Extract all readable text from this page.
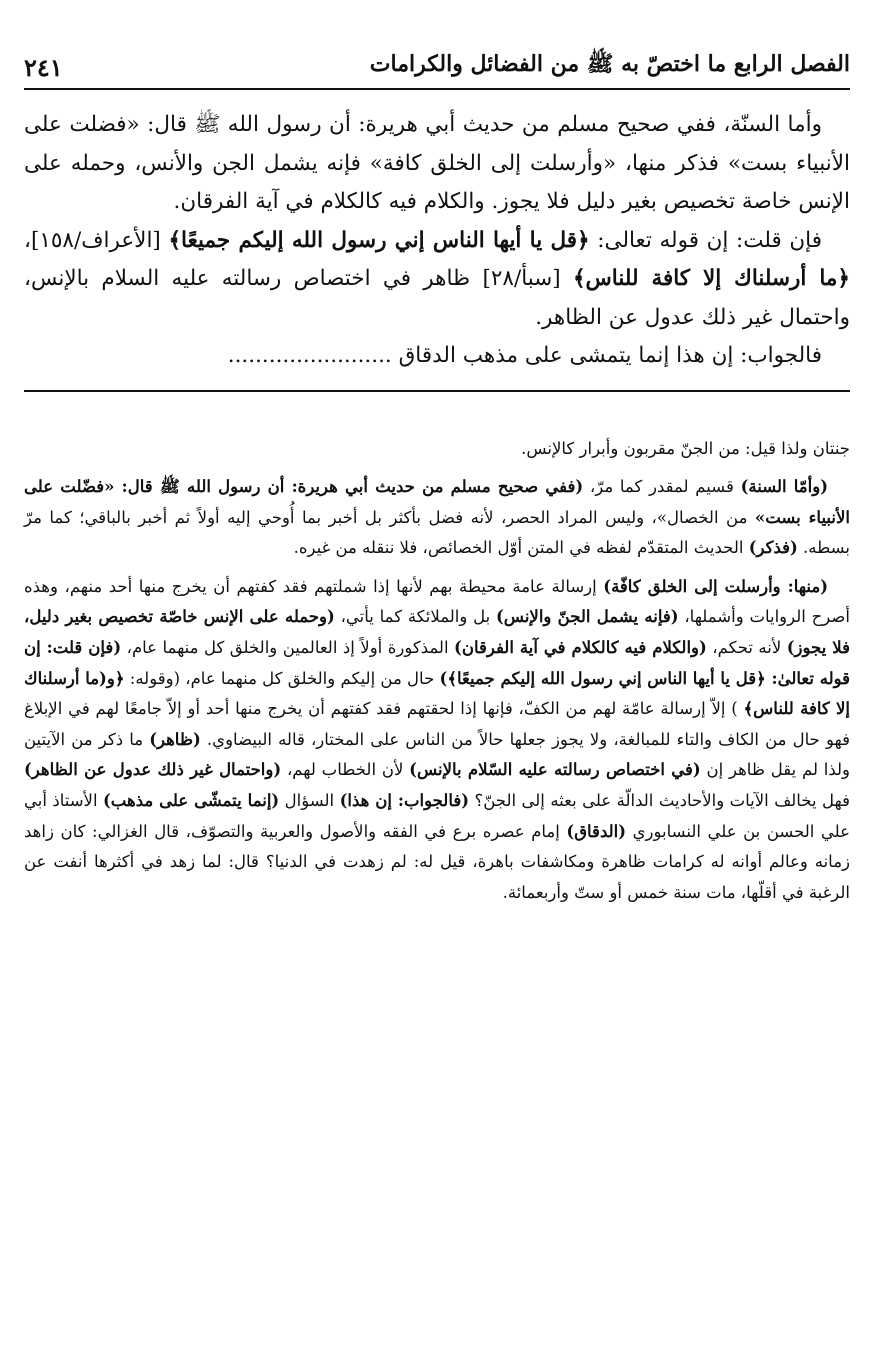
الفصل الرابع ما اختصّ به ﷺ من الفضائل والكرامات
٢٤١

وأما السنّة، ففي صحيح مسلم من حديث أبي هريرة: أن رسول الله ﷺ قال: «فضلت على الأنبياء بست» فذكر منها، «وأرسلت إلى الخلق كافة» فإنه يشمل الجن والأنس، وحمله على الإنس خاصة تخصيص بغير دليل فلا يجوز. والكلام فيه كالكلام في آية الفرقان.

فإن قلت: إن قوله تعالى: ﴿قل يا أيها الناس إني رسول الله إليكم جميعًا﴾ [الأعراف/١٥٨]، ﴿ما أرسلناك إلا كافة للناس﴾ [سبأ/٢٨] ظاهر في اختصاص رسالته عليه السلام بالإنس، واحتمال غير ذلك عدول عن الظاهر.

فالجواب: إن هذا إنما يتمشى على مذهب الدقاق ........................

جنتان ولذا قيل: من الجنّ مقربون وأبرار كالإنس.

(وأمّا السنة) قسيم لمقدر كما مرّ، (ففي صحيح مسلم من حديث أبي هريرة: أن رسول الله ﷺ قال: «فضّلت على الأنبياء بست» من الخصال»، وليس المراد الحصر، لأنه فضل بأكثر بل أخبر بما أُوحي إليه أولاً ثم أخبر بالباقي؛ كما مرّ بسطه. (فذكر) الحديث المتقدّم لفظه في المتن أوّل الخصائص، فلا ننقله من غيره.

(منها: وأرسلت إلى الخلق كافّة) إرسالة عامة محيطة بهم لأنها إذا شملتهم فقد كفتهم أن يخرج منها أحد منهم، وهذه أصرح الروايات وأشملها، (فإنه يشمل الجنّ والإنس) بل والملائكة كما يأتي، (وحمله على الإنس خاصّة تخصيص بغير دليل، فلا يجوز) لأنه تحكم، (والكلام فيه كالكلام في آية الفرقان) المذكورة أولاً إذ العالمين والخلق كل منهما عام، (فإن قلت: إن قوله تعالىٰ: ﴿قل يا أيها الناس إني رسول الله إليكم جميعًا﴾) حال من إليكم والخلق كل منهما عام، (وقوله: ﴿و(ما أرسلناك إلا كافة للناس﴾ ) إلاّ إرسالة عامّة لهم من الكفّ، فإنها إذا لحقتهم فقد كفتهم أن يخرج منها أحد أو إلاّ جامعًا لهم في الإبلاغ فهو حال من الكاف والتاء للمبالغة، ولا يجوز جعلها حالاً من الناس على المختار، قاله البيضاوي. (ظاهر) ما ذكر من الآيتين ولذا لم يقل ظاهر إن (في اختصاص رسالته عليه السّلام بالإنس) لأن الخطاب لهم، (واحتمال غير ذلك عدول عن الظاهر) فهل يخالف الآيات والأحاديث الدالّة على بعثه إلى الجنّ؟ (فالجواب: إن هذا) السؤال (إنما يتمشّى على مذهب) الأستاذ أبي علي الحسن بن علي النسابوري (الدقاق) إمام عصره برع في الفقه والأصول والعربية والتصوّف، قال الغزالي: كان زاهد زمانه وعالم أوانه له كرامات ظاهرة ومكاشفات باهرة، قيل له: لم زهدت في الدنيا؟ قال: لما زهد في أكثرها أنفت عن الرغبة في أقلّها، مات سنة خمس أو ستّ وأربعمائة.
